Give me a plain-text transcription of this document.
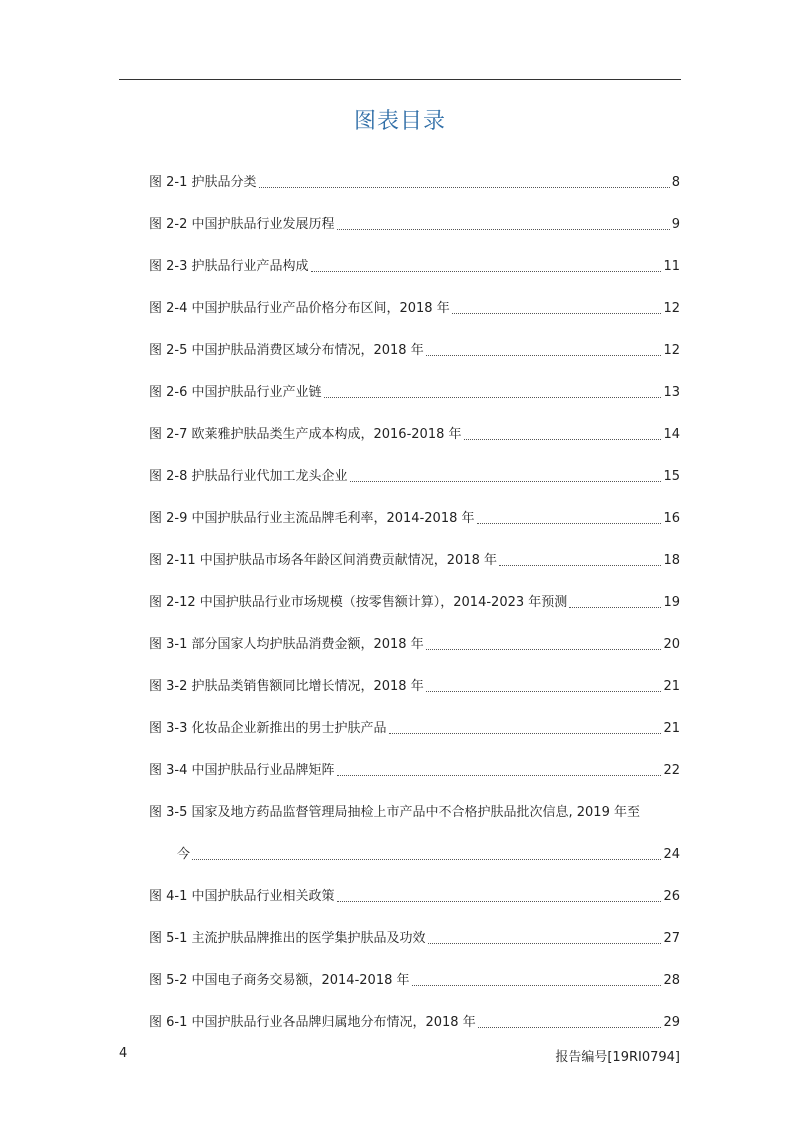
图表目录
图 2-1 护肤品分类	8
图 2-2 中国护肤品行业发展历程	9
图 2-3 护肤品行业产品构成	11
图 2-4 中国护肤品行业产品价格分布区间，2018 年	12
图 2-5 中国护肤品消费区域分布情况，2018 年	12
图 2-6 中国护肤品行业产业链	13
图 2-7 欧莱雅护肤品类生产成本构成，2016-2018 年	14
图 2-8 护肤品行业代加工龙头企业	15
图 2-9 中国护肤品行业主流品牌毛利率，2014-2018 年	16
图 2-11 中国护肤品市场各年龄区间消费贡献情况，2018 年	18
图 2-12 中国护肤品行业市场规模（按零售额计算），2014-2023 年预测	19
图 3-1 部分国家人均护肤品消费金额，2018 年	20
图 3-2 护肤品类销售额同比增长情况，2018 年	21
图 3-3 化妆品企业新推出的男士护肤产品	21
图 3-4 中国护肤品行业品牌矩阵	22
图 3-5 国家及地方药品监督管理局抽检上市产品中不合格护肤品批次信息, 2019 年至
今	24
图 4-1 中国护肤品行业相关政策	26
图 5-1 主流护肤品牌推出的医学集护肤品及功效	27
图 5-2 中国电子商务交易额，2014-2018 年	28
图 6-1 中国护肤品行业各品牌归属地分布情况，2018 年	29
4	报告编号[19RI0794]
